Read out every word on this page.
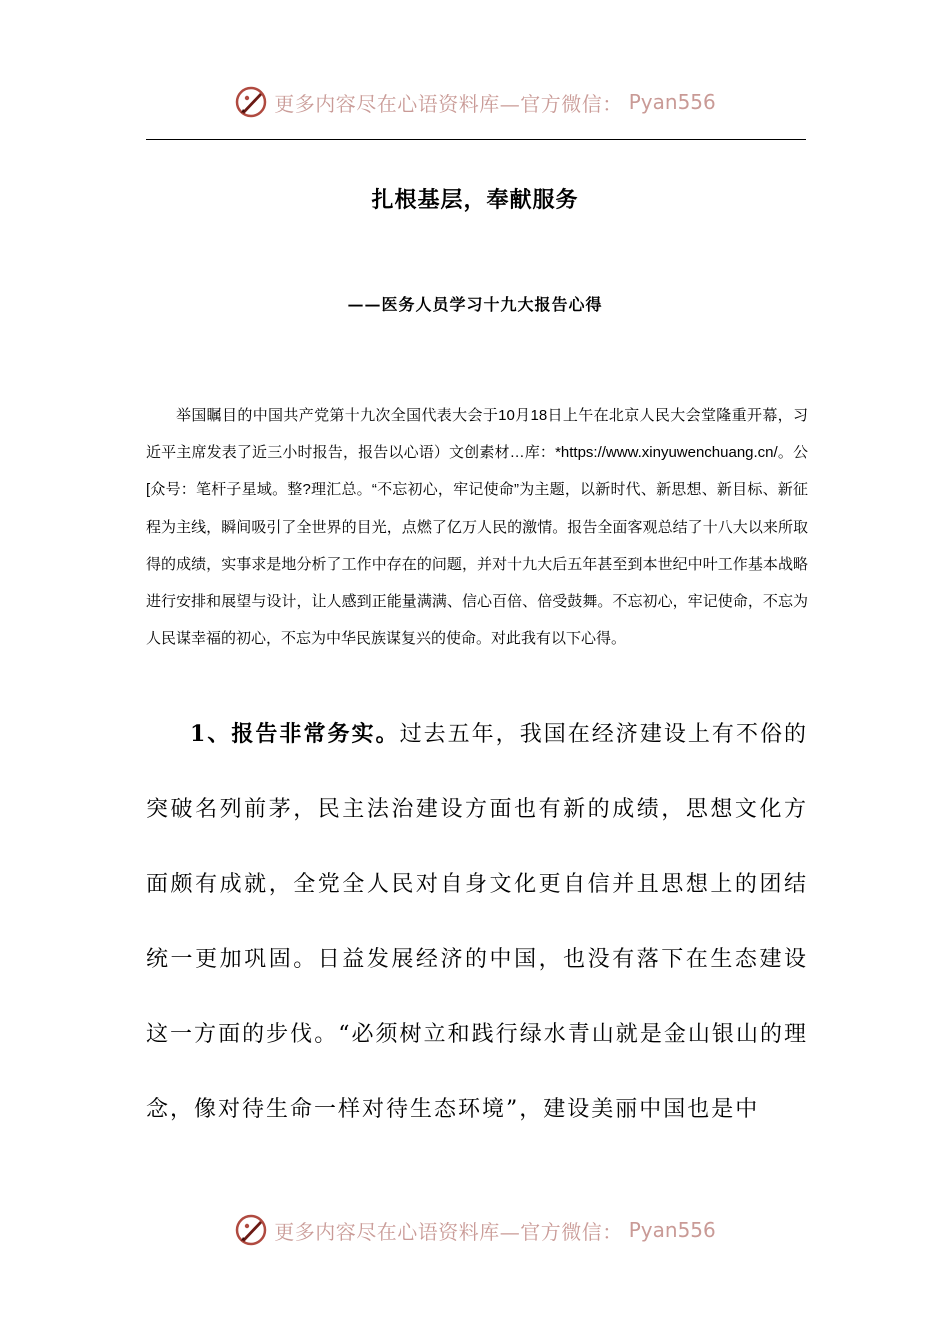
更多内容尽在心语资料库—官方微信： Pyan556
扎根基层，奉献服务
——医务人员学习十九大报告心得

举国瞩目的中国共产党第十九次全国代表大会于10月18日上午在北京人民大会堂隆重开幕，习近平主席发表了近三小时报告，报告以心语）文创素材…库：*https://www.xinyuwenchuang.cn/。公[众号：笔杆子星域。整?理汇总。“不忘初心，牢记使命”为主题，以新时代、新思想、新目标、新征程为主线，瞬间吸引了全世界的目光，点燃了亿万人民的激情。报告全面客观总结了十八大以来所取得的成绩，实事求是地分析了工作中存在的问题，并对十九大后五年甚至到本世纪中叶工作基本战略进行安排和展望与设计，让人感到正能量满满、信心百倍、倍受鼓舞。不忘初心，牢记使命，不忘为人民谋幸福的初心，不忘为中华民族谋复兴的使命。对此我有以下心得。

1、报告非常务实。过去五年，我国在经济建设上有不俗的突破名列前茅，民主法治建设方面也有新的成绩，思想文化方面颇有成就，全党全人民对自身文化更自信并且思想上的团结统一更加巩固。日益发展经济的中国，也没有落下在生态建设这一方面的步伐。“必须树立和践行绿水青山就是金山银山的理念，像对待生命一样对待生态环境”，建设美丽中国也是中

更多内容尽在心语资料库—官方微信： Pyan556
